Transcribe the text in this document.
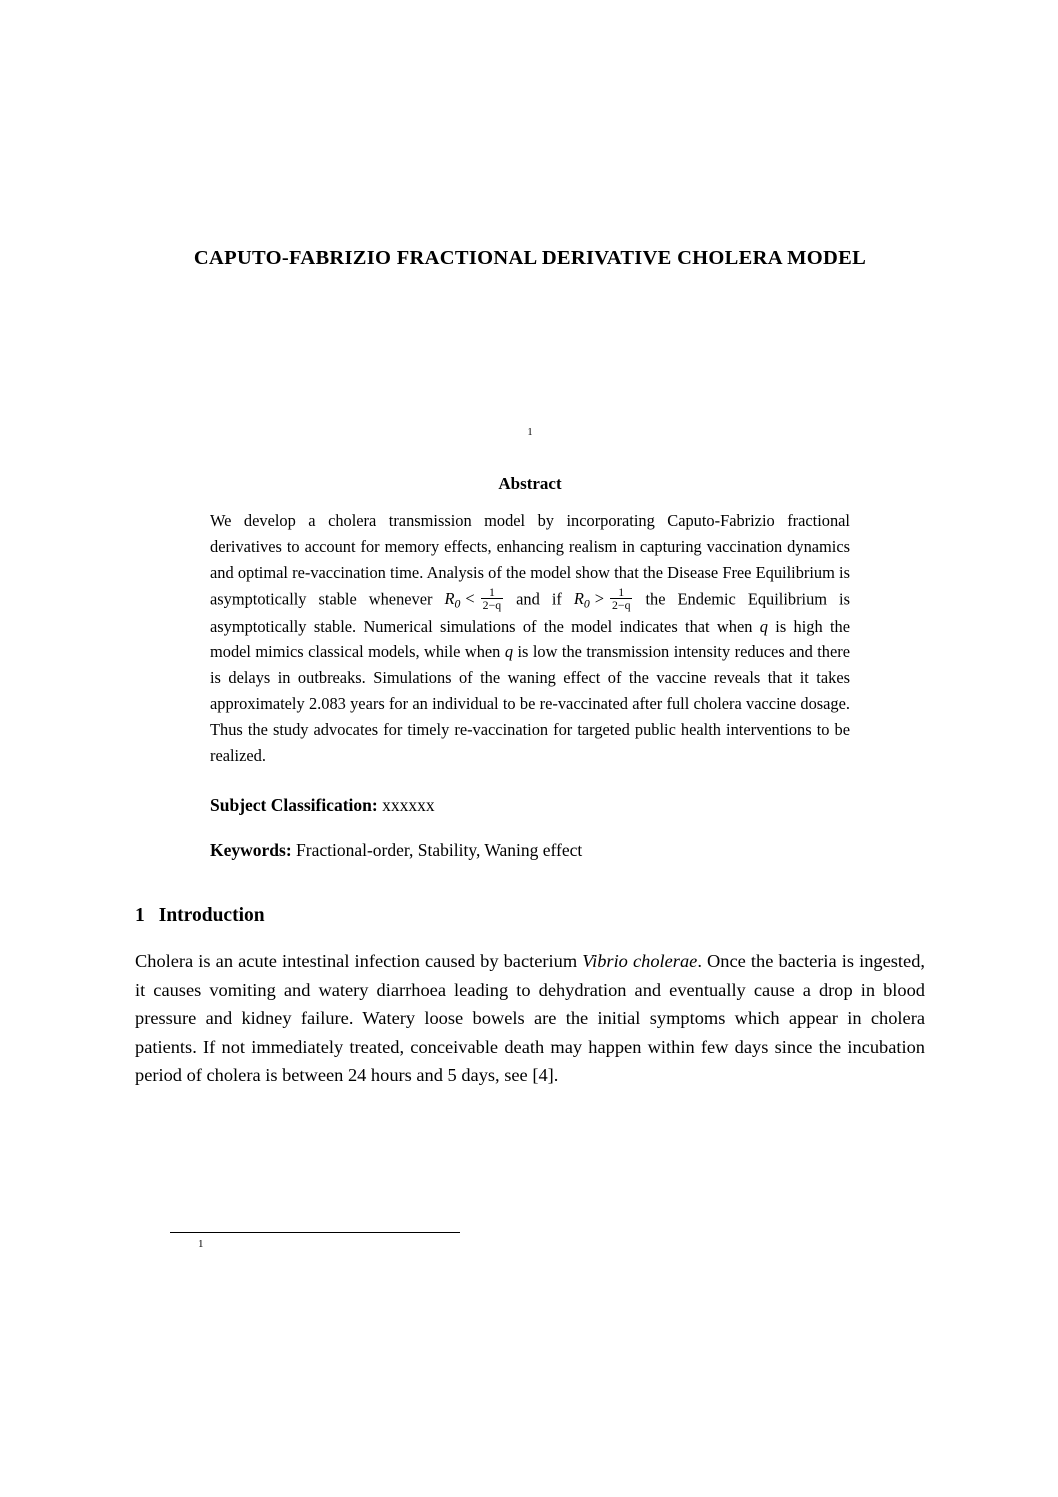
CAPUTO-FABRIZIO FRACTIONAL DERIVATIVE CHOLERA MODEL
1
Abstract
We develop a cholera transmission model by incorporating Caputo-Fabrizio fractional derivatives to account for memory effects, enhancing realism in capturing vaccination dynamics and optimal re-vaccination time. Analysis of the model show that the Disease Free Equilibrium is asymptotically stable whenever $R_0 < \frac{1}{2-q}$ and if $R_0 > \frac{1}{2-q}$ the Endemic Equilibrium is asymptotically stable. Numerical simulations of the model indicates that when q is high the model mimics classical models, while when q is low the transmission intensity reduces and there is delays in outbreaks. Simulations of the waning effect of the vaccine reveals that it takes approximately 2.083 years for an individual to be re-vaccinated after full cholera vaccine dosage. Thus the study advocates for timely re-vaccination for targeted public health interventions to be realized.
Subject Classification: xxxxxx
Keywords: Fractional-order, Stability, Waning effect
1 Introduction
Cholera is an acute intestinal infection caused by bacterium Vibrio cholerae. Once the bacteria is ingested, it causes vomiting and watery diarrhoea leading to dehydration and eventually cause a drop in blood pressure and kidney failure. Watery loose bowels are the initial symptoms which appear in cholera patients. If not immediately treated, conceivable death may happen within few days since the incubation period of cholera is between 24 hours and 5 days, see [4].
1
